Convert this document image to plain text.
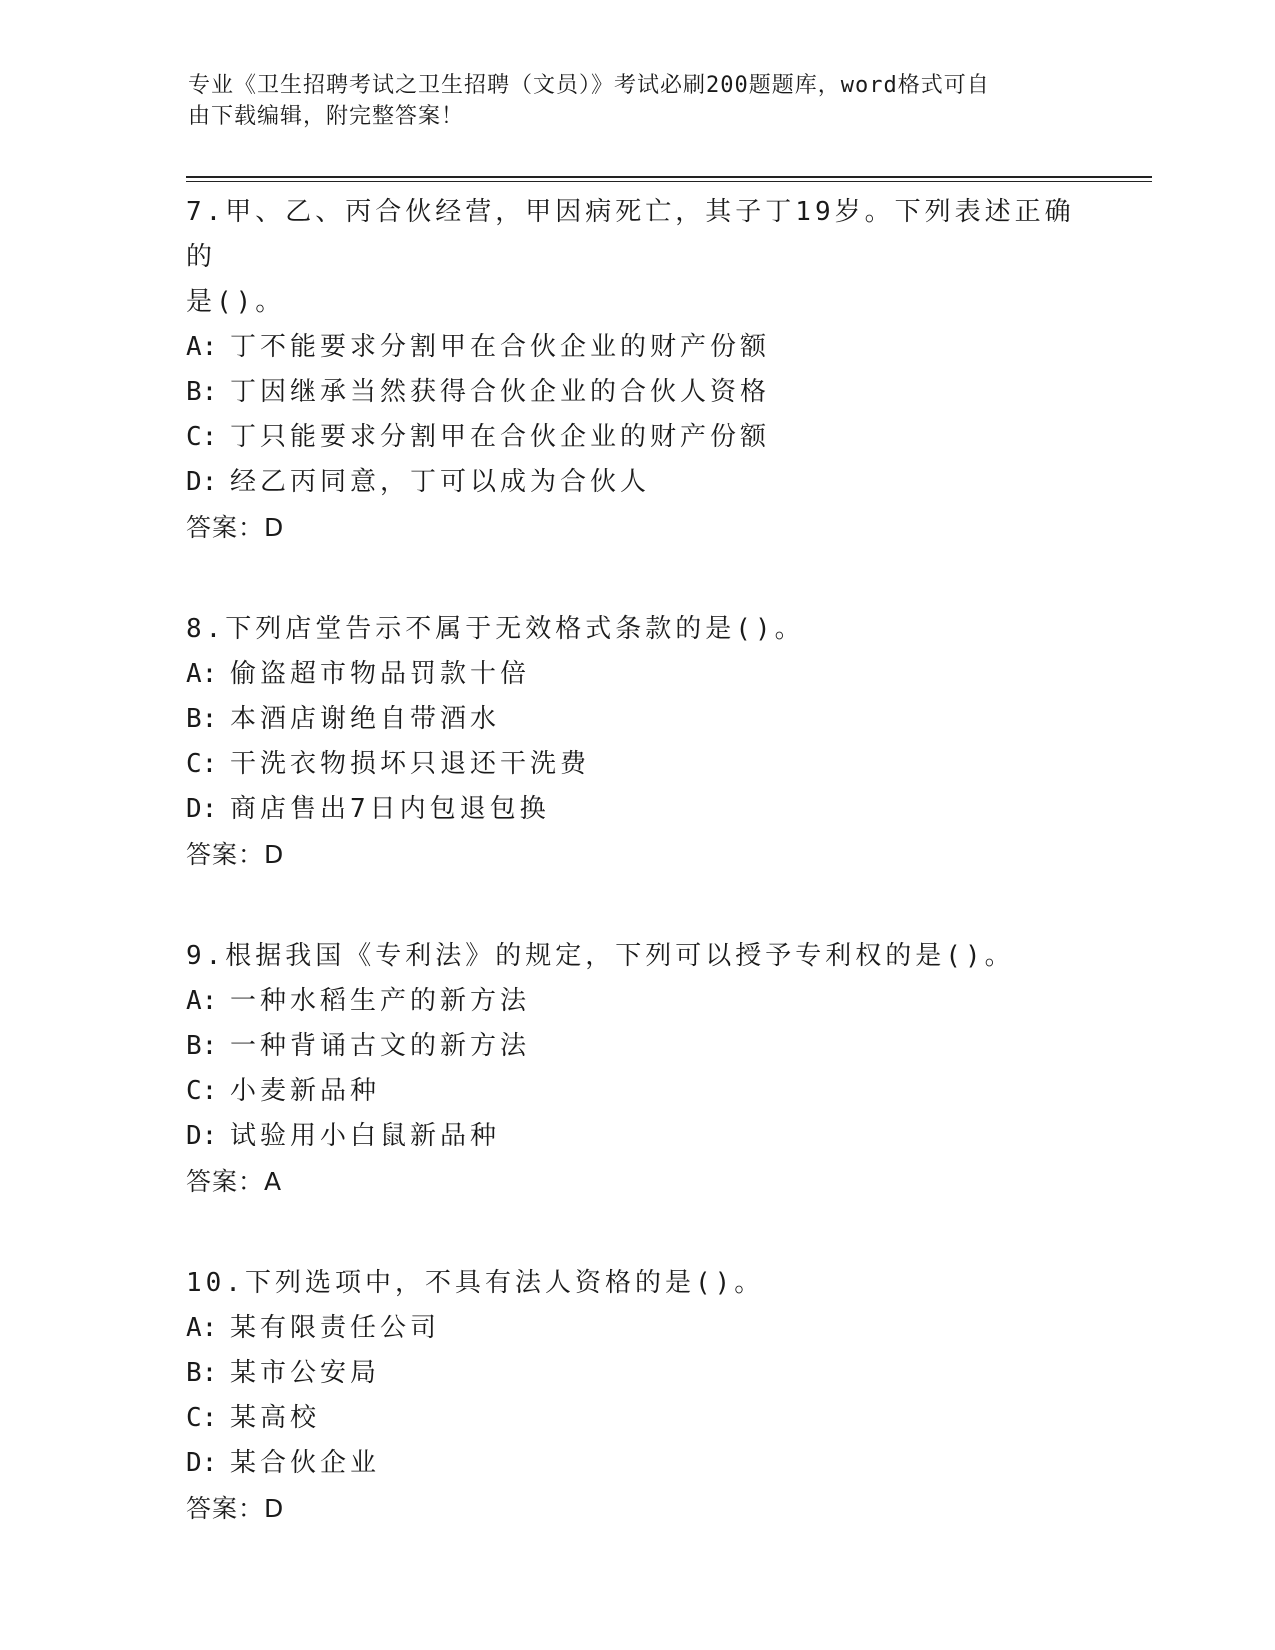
专业《卫生招聘考试之卫生招聘（文员）》考试必刷200题题库，word格式可自
由下载编辑，附完整答案！

7.甲、乙、丙合伙经营，甲因病死亡，其子丁19岁。下列表述正确的

是()。

A: 丁不能要求分割甲在合伙企业的财产份额

B: 丁因继承当然获得合伙企业的合伙人资格

C: 丁只能要求分割甲在合伙企业的财产份额

D: 经乙丙同意，丁可以成为合伙人

答案：D

8.下列店堂告示不属于无效格式条款的是()。

A: 偷盗超市物品罚款十倍

B: 本酒店谢绝自带酒水

C: 干洗衣物损坏只退还干洗费

D: 商店售出7日内包退包换

答案：D

9.根据我国《专利法》的规定，下列可以授予专利权的是()。

A: 一种水稻生产的新方法

B: 一种背诵古文的新方法

C: 小麦新品种

D: 试验用小白鼠新品种

答案：A

10.下列选项中，不具有法人资格的是()。

A: 某有限责任公司

B: 某市公安局

C: 某高校

D: 某合伙企业

答案：D
